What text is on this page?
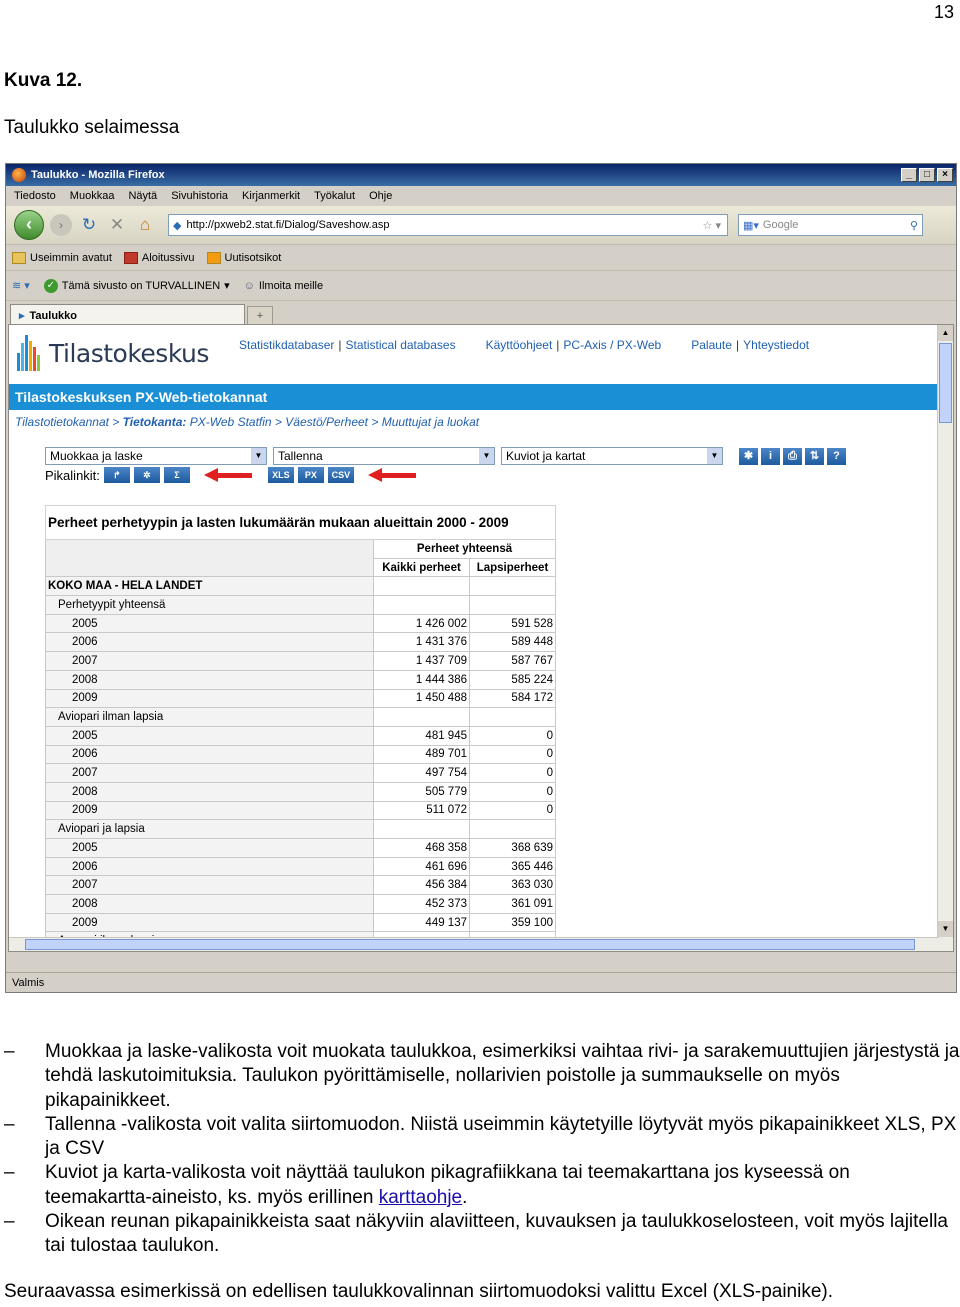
13
Kuva 12.
Taulukko selaimessa
Taulukko - Mozilla Firefox	_	□	×
Tiedosto Muokkaa Näytä Sivuhistoria Kirjanmerkit Työkalut Ohje
‹	›	↻ ✕ ⌂	◆ http://pxweb2.stat.fi/Dialog/Saveshow.asp	☆ ▾ ▦▾ Google	⚲
Useimmin avatut	Aloitussivu	Uutisotsikot
≋ ▾ ✓ Tämä sivusto on TURVALLINEN ▾ ☺ Ilmoita meille
▸ Taulukko	+
Tilastokeskus	Statistikdatabaser | Statistical databases	Käyttöohjeet | PC-Axis / PX-Web	Palaute | Yhteystiedot
Tilastokeskuksen PX-Web-tietokannat
Tilastotietokannat > Tietokanta: PX-Web Statfin > Väestö/Perheet > Muuttujat ja luokat
Muokkaa ja laske	▼ Tallenna	▼ Kuviot ja kartat	▼	✱	i	⎙	⇅	?
Pikalinkit:	↱	✲	Σ	XLS	PX	CSV
Perheet perhetyypin ja lasten lukumäärän mukaan alueittain 2000 - 2009		
	Perheet yhteensä	
	Kaikki perheet	Lapsiperheet
KOKO MAA - HELA LANDET		
Perhetyypit yhteensä		
2005	1 426 002	591 528
2006	1 431 376	589 448
2007	1 437 709	587 767
2008	1 444 386	585 224
2009	1 450 488	584 172
Aviopari ilman lapsia		
2005	481 945	0
2006	489 701	0
2007	497 754	0
2008	505 779	0
2009	511 072	0
Aviopari ja lapsia		
2005	468 358	368 639
2006	461 696	365 446
2007	456 384	363 030
2008	452 373	361 091
2009	449 137	359 100

▲
▼
Valmis
– Muokkaa ja laske-valikosta voit muokata taulukkoa, esimerkiksi vaihtaa rivi- ja sarakemuuttujien järjestystä ja tehdä laskutoimituksia. Taulukon pyörittämiselle, nollarivien poistolle ja summaukselle on myös pikapainikkeet.
– Tallenna -valikosta voit valita siirtomuodon. Niistä useimmin käytetyille löytyvät myös pikapainikkeet XLS, PX ja CSV
– Kuviot ja karta-valikosta voit näyttää taulukon pikagrafiikkana tai teemakarttana jos kyseessä on teemakartta-aineisto, ks. myös erillinen karttaohje.
– Oikean reunan pikapainikkeista saat näkyviin alaviitteen, kuvauksen ja taulukkoselosteen, voit myös lajitella tai tulostaa taulukon.
Seuraavassa esimerkissä on edellisen taulukkovalinnan siirtomuodoksi valittu Excel (XLS-painike).
